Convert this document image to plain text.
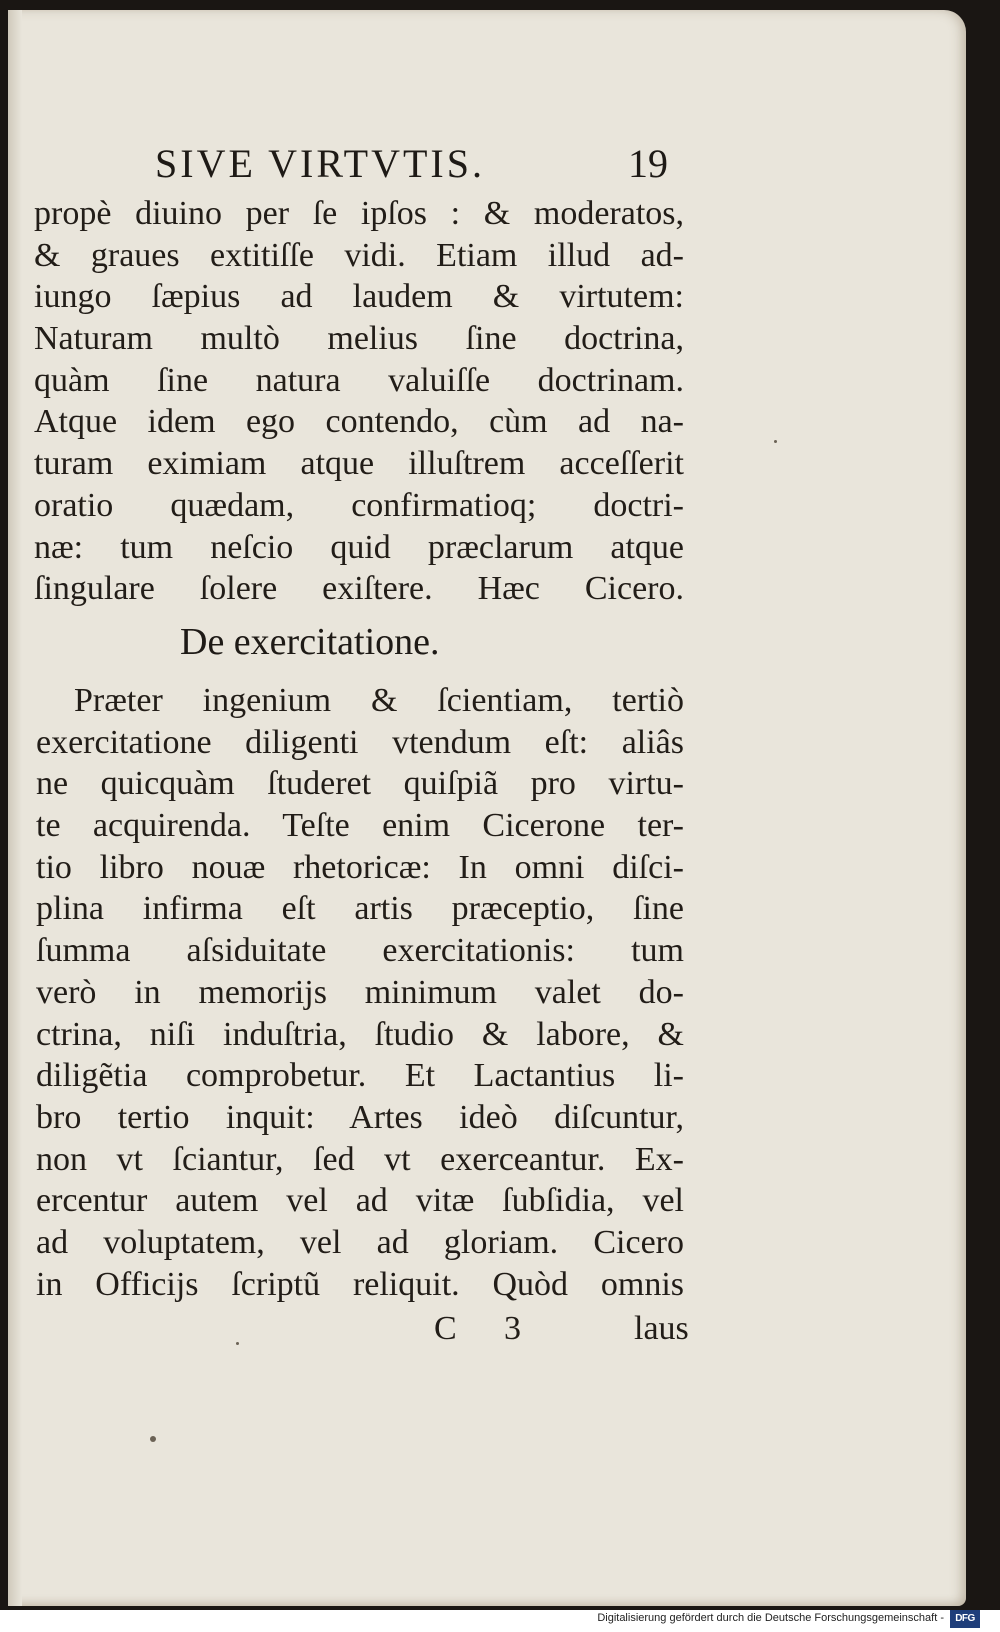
SIVE VIRTVTIS.	19
propè diuino per ſe ipſos : & moderatos,
& graues extitiſſe vidi. Etiam illud ad-
iungo ſæpius ad laudem & virtutem:
Naturam multò melius ſine doctrina,
quàm ſine natura valuiſſe doctrinam.
Atque idem ego contendo, cùm ad na-
turam eximiam atque illuſtrem acceſſerit
oratio quædam, confirmatioq; doctri-
næ: tum neſcio quid præclarum atque
ſingulare ſolere exiſtere. Hæc Cicero.
De exercitatione.
Præter ingenium & ſcientiam, tertiò
exercitatione diligenti vtendum eſt: aliâs
ne quicquàm ſtuderet quiſpiã pro virtu-
te acquirenda. Teſte enim Cicerone ter-
tio libro nouæ rhetoricæ: In omni diſci-
plina infirma eſt artis præceptio, ſine
ſumma aſsiduitate exercitationis: tum
verò in memorijs minimum valet do-
ctrina, niſi induſtria, ſtudio & labore, &
diligẽtia comprobetur. Et Lactantius li-
bro tertio inquit: Artes ideò diſcuntur,
non vt ſciantur, ſed vt exerceantur. Ex-
ercentur autem vel ad vitæ ſubſidia, vel
ad voluptatem, vel ad gloriam. Cicero
in Officijs ſcriptũ reliquit. Quòd omnis
C 3	laus
Digitalisierung gefördert durch die Deutsche Forschungsgemeinschaft -	DFG
